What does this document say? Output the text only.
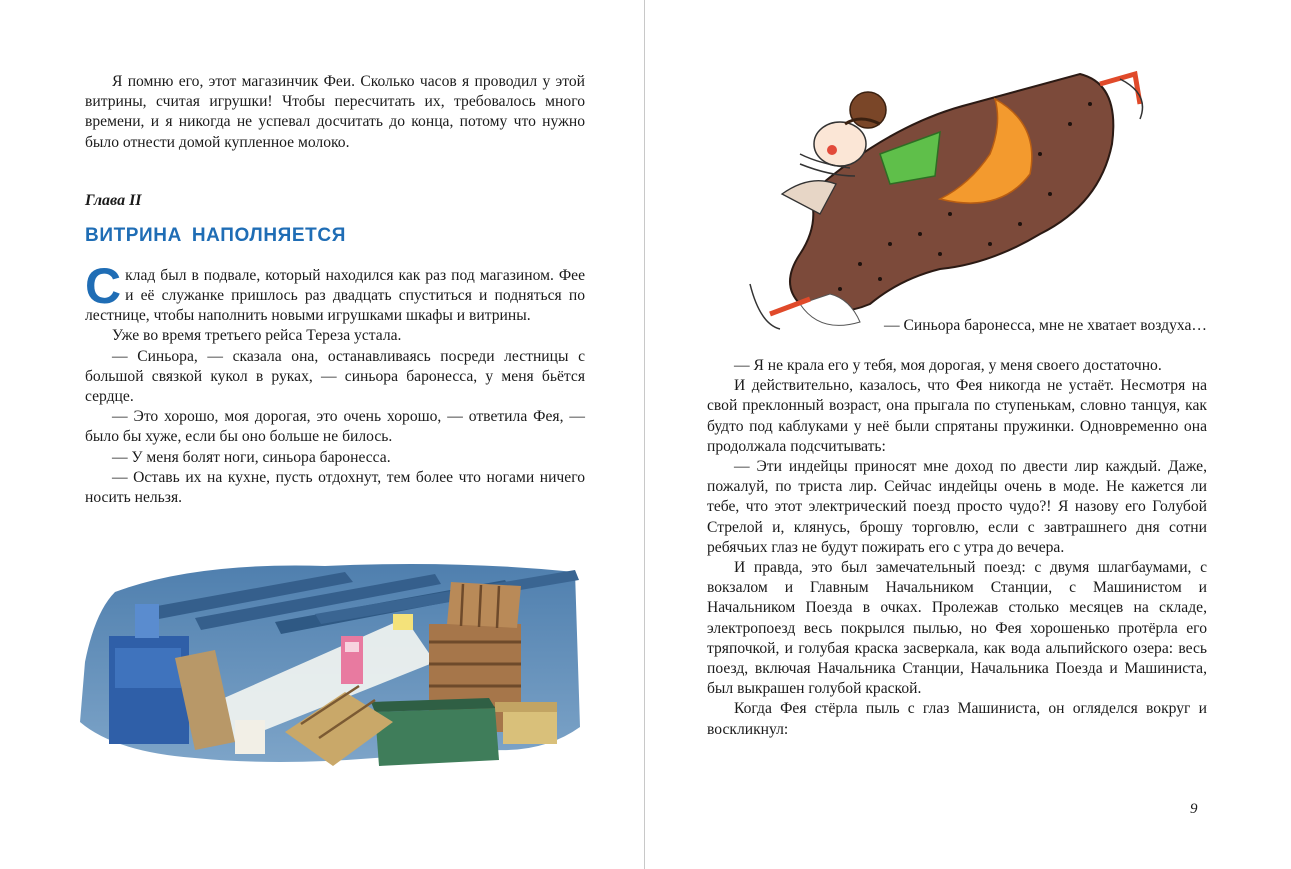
Я помню его, этот магазинчик Феи. Сколько часов я проводил у этой витрины, считая игрушки! Чтобы пересчитать их, требовалось много времени, и я никогда не успевал досчитать до конца, потому что нужно было отнести домой купленное молоко.

Глава II
ВИТРИНА НАПОЛНЯЕТСЯ

Склад был в подвале, который находился как раз под магазином. Фее и её служанке пришлось раз двадцать спуститься и подняться по лестнице, чтобы наполнить новыми игрушками шкафы и витрины.

Уже во время третьего рейса Тереза устала.

— Синьора, — сказала она, останавливаясь посреди лестницы с большой связкой кукол в руках, — синьора баронесса, у меня бьётся сердце.

— Это хорошо, моя дорогая, это очень хорошо, — ответила Фея, — было бы хуже, если бы оно больше не билось.

— У меня болят ноги, синьора баронесса.

— Оставь их на кухне, пусть отдохнут, тем более что ногами ничего носить нельзя.

— Синьора баронесса, мне не хватает воздуха…

— Я не крала его у тебя, моя дорогая, у меня своего достаточно.

И действительно, казалось, что Фея никогда не устаёт. Несмотря на свой преклонный возраст, она прыгала по ступенькам, словно танцуя, как будто под каблуками у неё были спрятаны пружинки. Одновременно она продолжала подсчитывать:

— Эти индейцы приносят мне доход по двести лир каждый. Даже, пожалуй, по триста лир. Сейчас индейцы очень в моде. Не кажется ли тебе, что этот электрический поезд просто чудо?! Я назову его Голубой Стрелой и, клянусь, брошу торговлю, если с завтрашнего дня сотни ребячьих глаз не будут пожирать его с утра до вечера.

И правда, это был замечательный поезд: с двумя шлагбаумами, с вокзалом и Главным Начальником Станции, с Машинистом и Начальником Поезда в очках. Пролежав столько месяцев на складе, электропоезд весь покрылся пылью, но Фея хорошенько протёрла его тряпочкой, и голубая краска засверкала, как вода альпийского озера: весь поезд, включая Начальника Станции, Начальника Поезда и Машиниста, был выкрашен голубой краской.

Когда Фея стёрла пыль с глаз Машиниста, он огляделся вокруг и воскликнул:

9
